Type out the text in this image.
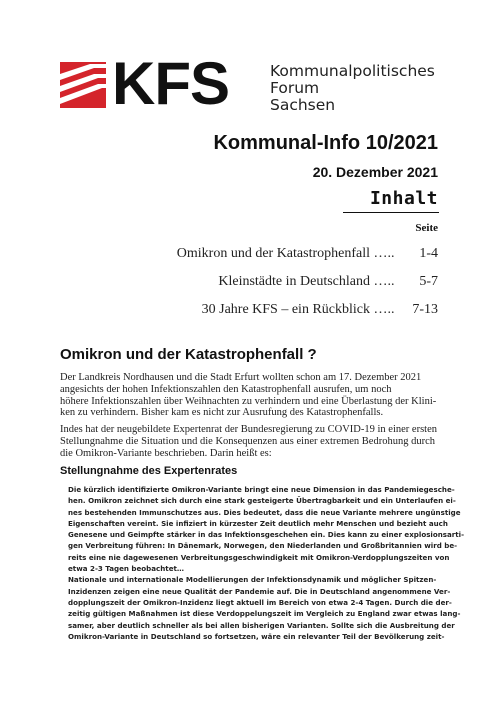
KFS	Kommunalpolitisches
Forum
Sachsen
Kommunal-Info 10/2021
20. Dezember 2021
Inhalt
Seite
Omikron und der Katastrophenfall ….. 1-4
Kleinstädte in Deutschland ….. 5-7
30 Jahre KFS – ein Rückblick ….. 7-13
Omikron und der Katastrophenfall ?
Der Landkreis Nordhausen und die Stadt Erfurt wollten schon am 17. Dezember 2021
angesichts der hohen Infektionszahlen den Katastrophenfall ausrufen, um noch
höhere Infektionszahlen über Weihnachten zu verhindern und eine Überlastung der Klini-
ken zu verhindern. Bisher kam es nicht zur Ausrufung des Katastrophenfalls.
Indes hat der neugebildete Expertenrat der Bundesregierung zu COVID-19 in einer ersten
Stellungnahme die Situation und die Konsequenzen aus einer extremen Bedrohung durch
die Omikron-Variante beschrieben. Darin heißt es:
Stellungnahme des Expertenrates
Die kürzlich identifizierte Omikron-Variante bringt eine neue Dimension in das Pandemiegesche-
hen. Omikron zeichnet sich durch eine stark gesteigerte Übertragbarkeit und ein Unterlaufen ei-
nes bestehenden Immunschutzes aus. Dies bedeutet, dass die neue Variante mehrere ungünstige
Eigenschaften vereint. Sie infiziert in kürzester Zeit deutlich mehr Menschen und bezieht auch
Genesene und Geimpfte stärker in das Infektionsgeschehen ein. Dies kann zu einer explosionsarti-
gen Verbreitung führen: In Dänemark, Norwegen, den Niederlanden und Großbritannien wird be-
reits eine nie dagewesenen Verbreitungsgeschwindigkeit mit Omikron-Verdopplungszeiten von
etwa 2-3 Tagen beobachtet…
Nationale und internationale Modellierungen der Infektionsdynamik und möglicher Spitzen-
Inzidenzen zeigen eine neue Qualität der Pandemie auf. Die in Deutschland angenommene Ver-
dopplungszeit der Omikron-Inzidenz liegt aktuell im Bereich von etwa 2-4 Tagen. Durch die der-
zeitig gültigen Maßnahmen ist diese Verdoppelungszeit im Vergleich zu England zwar etwas lang-
samer, aber deutlich schneller als bei allen bisherigen Varianten. Sollte sich die Ausbreitung der
Omikron-Variante in Deutschland so fortsetzen, wäre ein relevanter Teil der Bevölkerung zeit-
